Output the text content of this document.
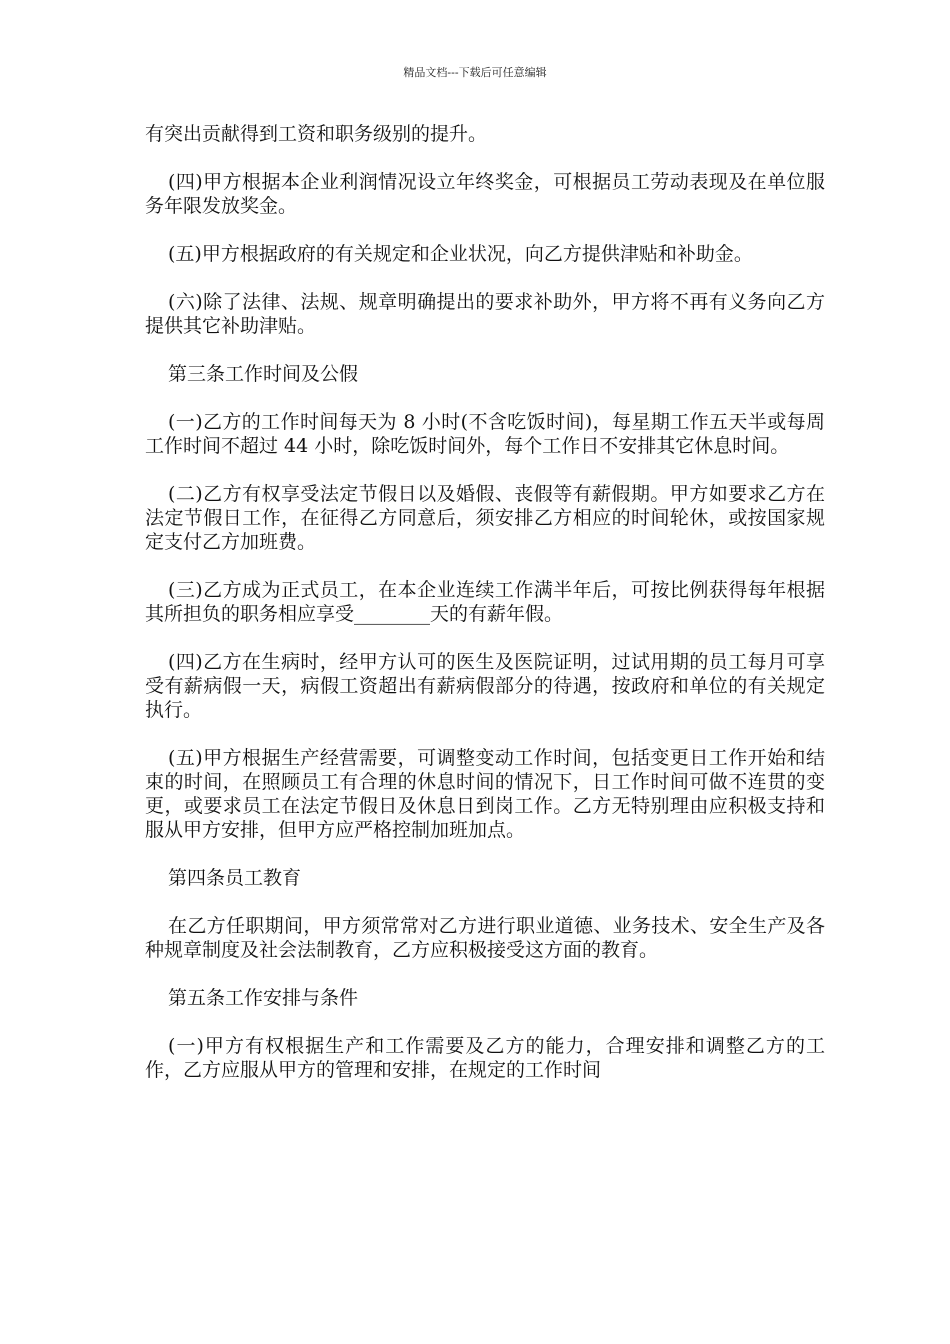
精品文档---下载后可任意编辑

有突出贡献得到工资和职务级别的提升。

(四)甲方根据本企业利润情况设立年终奖金，可根据员工劳动表现及在单位服务年限发放奖金。

(五)甲方根据政府的有关规定和企业状况，向乙方提供津贴和补助金。

(六)除了法律、法规、规章明确提出的要求补助外，甲方将不再有义务向乙方提供其它补助津贴。

第三条工作时间及公假

(一)乙方的工作时间每天为 8 小时(不含吃饭时间)，每星期工作五天半或每周工作时间不超过 44 小时，除吃饭时间外，每个工作日不安排其它休息时间。

(二)乙方有权享受法定节假日以及婚假、丧假等有薪假期。甲方如要求乙方在法定节假日工作，在征得乙方同意后，须安排乙方相应的时间轮休，或按国家规定支付乙方加班费。

(三)乙方成为正式员工，在本企业连续工作满半年后，可按比例获得每年根据其所担负的职务相应享受________天的有薪年假。

(四)乙方在生病时，经甲方认可的医生及医院证明，过试用期的员工每月可享受有薪病假一天，病假工资超出有薪病假部分的待遇，按政府和单位的有关规定执行。

(五)甲方根据生产经营需要，可调整变动工作时间，包括变更日工作开始和结束的时间，在照顾员工有合理的休息时间的情况下，日工作时间可做不连贯的变更，或要求员工在法定节假日及休息日到岗工作。乙方无特别理由应积极支持和服从甲方安排，但甲方应严格控制加班加点。

第四条员工教育

在乙方任职期间，甲方须常常对乙方进行职业道德、业务技术、安全生产及各种规章制度及社会法制教育，乙方应积极接受这方面的教育。

第五条工作安排与条件

(一)甲方有权根据生产和工作需要及乙方的能力，合理安排和调整乙方的工作，乙方应服从甲方的管理和安排，在规定的工作时间
